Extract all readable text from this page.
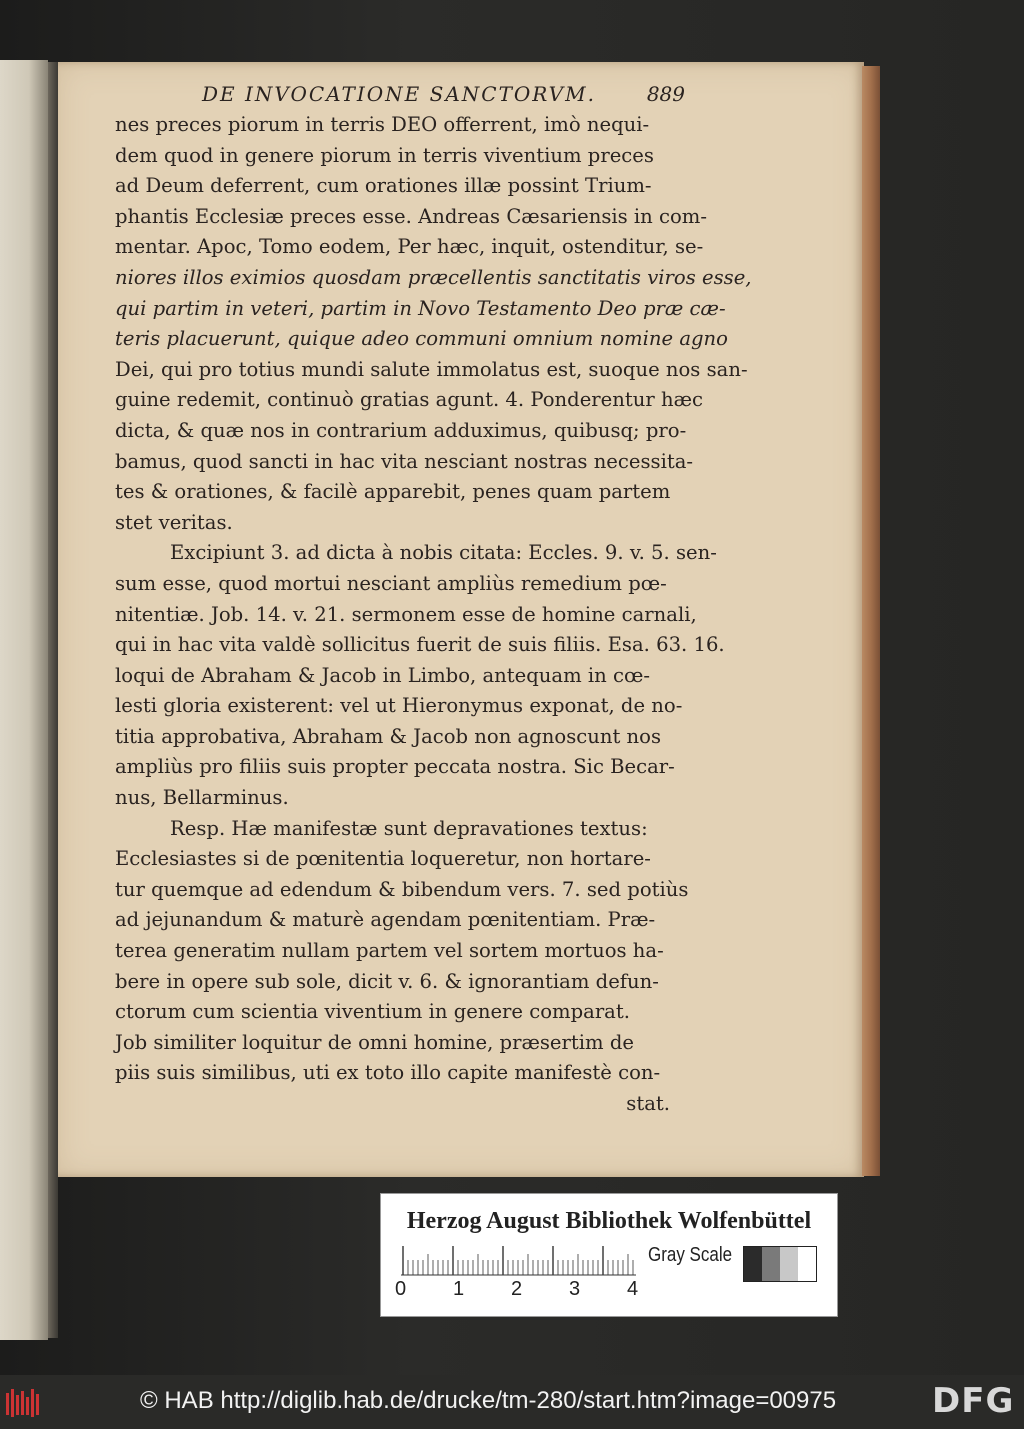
DE INVOCATIONE SANCTORVM.	889
nes preces piorum in terris DEO offerrent, imò nequi-
dem quod in genere piorum in terris viventium preces
ad Deum deferrent, cum orationes illæ possint Trium-
phantis Ecclesiæ preces esse. Andreas Cæsariensis in com-
mentar. Apoc, Tomo eodem, Per hæc, inquit, ostenditur, se-
niores illos eximios quosdam præcellentis sanctitatis viros esse,
qui partim in veteri, partim in Novo Testamento Deo præ cæ-
teris placuerunt, quique adeo communi omnium nomine agno
Dei, qui pro totius mundi salute immolatus est, suoque nos san-
guine redemit, continuò gratias agunt. 4. Ponderentur hæc
dicta, & quæ nos in contrarium adduximus, quibusq; pro-
bamus, quod sancti in hac vita nesciant nostras necessita-
tes & orationes, & facilè apparebit, penes quam partem
stet veritas.
Excipiunt 3. ad dicta à nobis citata: Eccles. 9. v. 5. sen-
sum esse, quod mortui nesciant ampliùs remedium pœ-
nitentiæ. Job. 14. v. 21. sermonem esse de homine carnali,
qui in hac vita valdè sollicitus fuerit de suis filiis. Esa. 63. 16.
loqui de Abraham & Jacob in Limbo, antequam in cœ-
lesti gloria existerent: vel ut Hieronymus exponat, de no-
titia approbativa, Abraham & Jacob non agnoscunt nos
ampliùs pro filiis suis propter peccata nostra. Sic Becar-
nus, Bellarminus.
Resp. Hæ manifestæ sunt depravationes textus:
Ecclesiastes si de pœnitentia loqueretur, non hortare-
tur quemque ad edendum & bibendum vers. 7. sed potiùs
ad jejunandum & maturè agendam pœnitentiam. Præ-
terea generatim nullam partem vel sortem mortuos ha-
bere in opere sub sole, dicit v. 6. & ignorantiam defun-
ctorum cum scientia viventium in genere comparat.
Job similiter loquitur de omni homine, præsertim de
piis suis similibus, uti ex toto illo capite manifestè con-
stat.
Herzog August Bibliothek Wolfenbüttel
0 1 2 3 4
Gray Scale
© HAB http://diglib.hab.de/drucke/tm-280/start.htm?image=00975	DFG
